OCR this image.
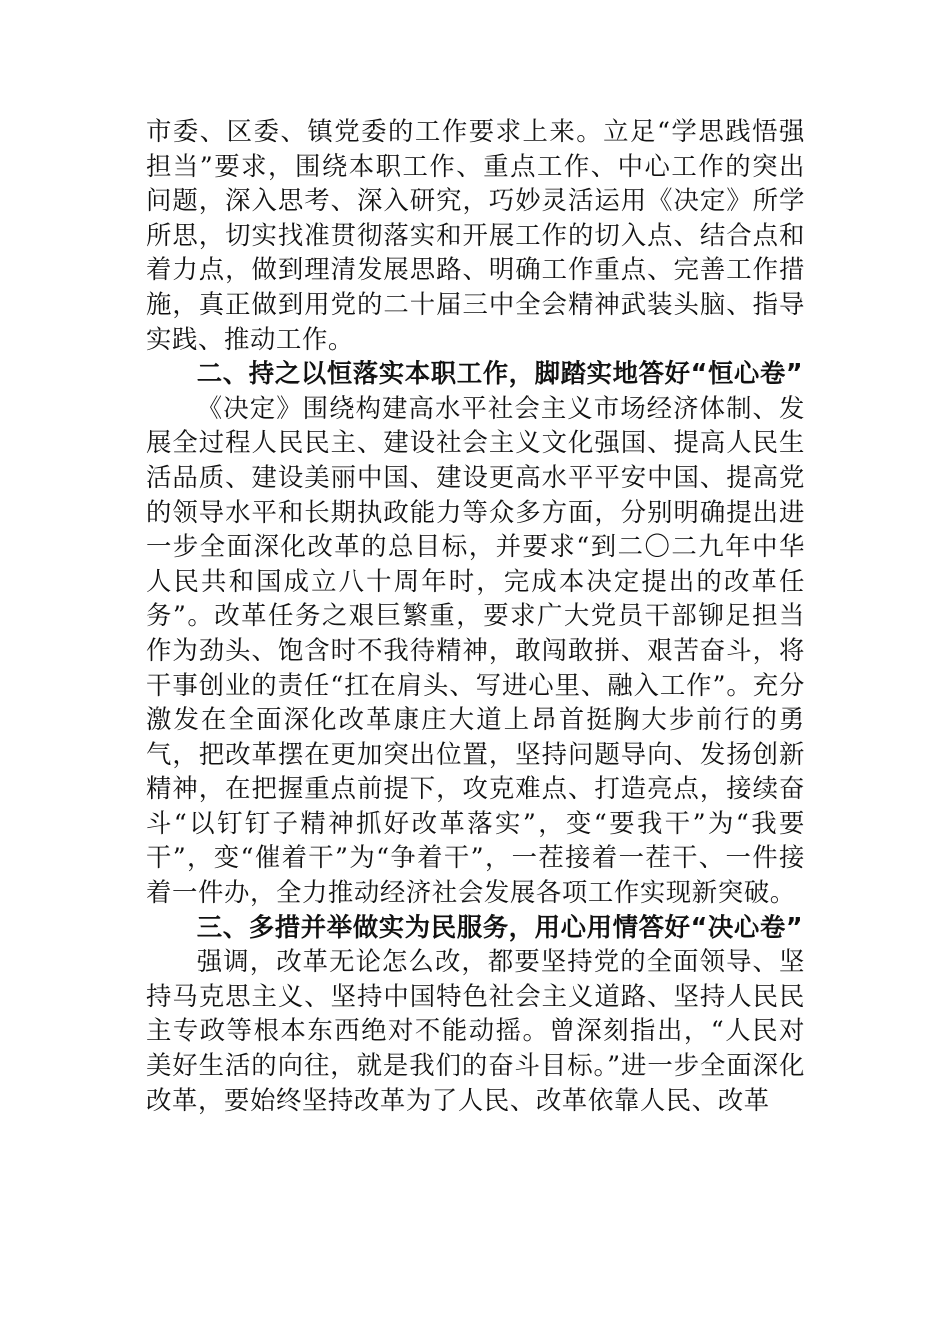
市委、区委、镇党委的工作要求上来。立足“学思践悟强担当”要求，围绕本职工作、重点工作、中心工作的突出问题，深入思考、深入研究，巧妙灵活运用《决定》所学所思，切实找准贯彻落实和开展工作的切入点、结合点和着力点，做到理清发展思路、明确工作重点、完善工作措施，真正做到用党的二十届三中全会精神武装头脑、指导实践、推动工作。

二、持之以恒落实本职工作，脚踏实地答好“恒心卷”

《决定》围绕构建高水平社会主义市场经济体制、发展全过程人民民主、建设社会主义文化强国、提高人民生活品质、建设美丽中国、建设更高水平平安中国、提高党的领导水平和长期执政能力等众多方面，分别明确提出进一步全面深化改革的总目标，并要求“到二〇二九年中华人民共和国成立八十周年时，完成本决定提出的改革任务”。改革任务之艰巨繁重，要求广大党员干部铆足担当作为劲头、饱含时不我待精神，敢闯敢拼、艰苦奋斗，将干事创业的责任“扛在肩头、写进心里、融入工作”。充分激发在全面深化改革康庄大道上昂首挺胸大步前行的勇气，把改革摆在更加突出位置，坚持问题导向、发扬创新精神，在把握重点前提下，攻克难点、打造亮点，接续奋斗“以钉钉子精神抓好改革落实”，变“要我干”为“我要干”，变“催着干”为“争着干”，一茬接着一茬干、一件接着一件办，全力推动经济社会发展各项工作实现新突破。

三、多措并举做实为民服务，用心用情答好“决心卷”

强调，改革无论怎么改，都要坚持党的全面领导、坚持马克思主义、坚持中国特色社会主义道路、坚持人民民主专政等根本东西绝对不能动摇。曾深刻指出，“人民对美好生活的向往，就是我们的奋斗目标。”进一步全面深化改革，要始终坚持改革为了人民、改革依靠人民、改革
